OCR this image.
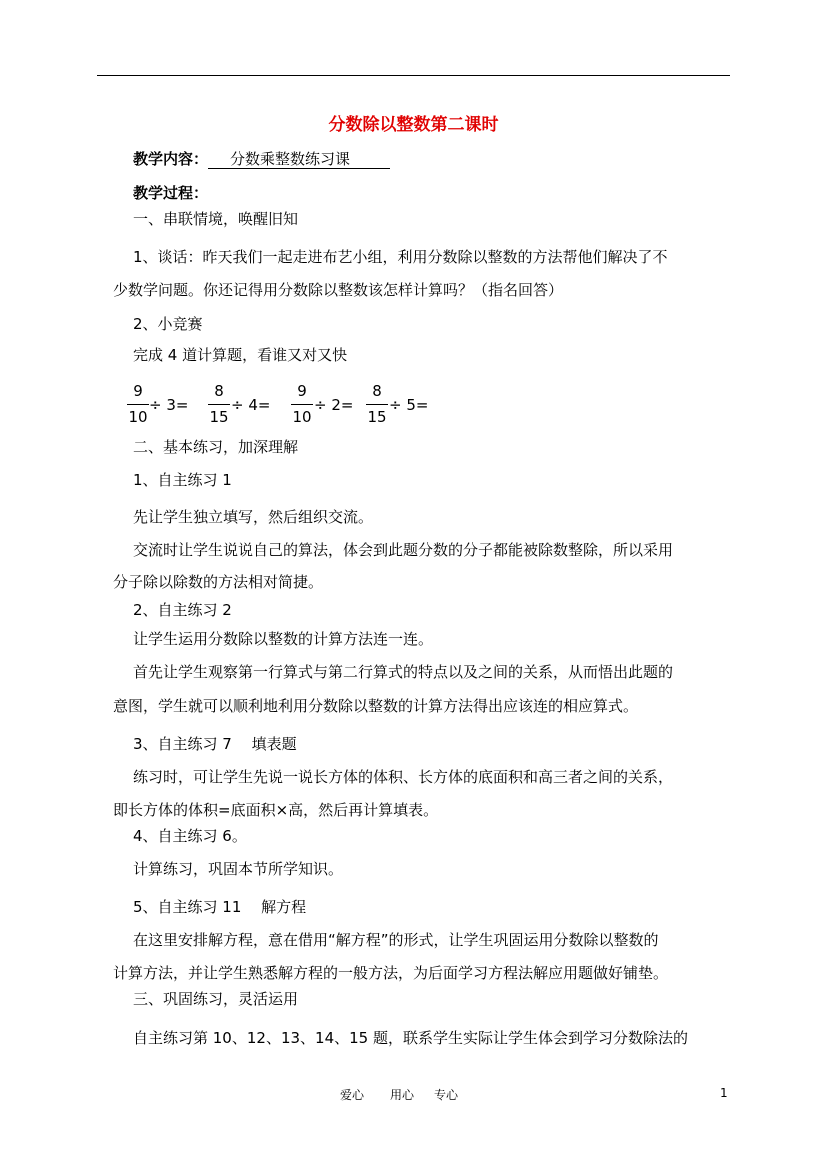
分数除以整数第二课时
教学内容： 分数乘整数练习课
教学过程：
一、串联情境，唤醒旧知
1、谈话：昨天我们一起走进布艺小组，利用分数除以整数的方法帮他们解决了不
少数学问题。你还记得用分数除以整数该怎样计算吗？（指名回答）
2、小竞赛
完成 4 道计算题，看谁又对又快
9
10
÷ 3=
8
15
÷ 4=
9
10
÷ 2=
8
15
÷ 5=
二、基本练习，加深理解
1、自主练习 1
先让学生独立填写，然后组织交流。
交流时让学生说说自己的算法，体会到此题分数的分子都能被除数整除，所以采用
分子除以除数的方法相对简捷。
2、自主练习 2
让学生运用分数除以整数的计算方法连一连。
首先让学生观察第一行算式与第二行算式的特点以及之间的关系，从而悟出此题的
意图，学生就可以顺利地利用分数除以整数的计算方法得出应该连的相应算式。
3、自主练习 7　 填表题
练习时，可让学生先说一说长方体的体积、长方体的底面积和高三者之间的关系，
即长方体的体积=底面积×高，然后再计算填表。
4、自主练习 6。
计算练习，巩固本节所学知识。
5、自主练习 11　 解方程
在这里安排解方程，意在借用“解方程”的形式，让学生巩固运用分数除以整数的
计算方法，并让学生熟悉解方程的一般方法，为后面学习方程法解应用题做好铺垫。
三、巩固练习，灵活运用
自主练习第 10、12、13、14、15 题，联系学生实际让学生体会到学习分数除法的
爱心 用心 专心	1
